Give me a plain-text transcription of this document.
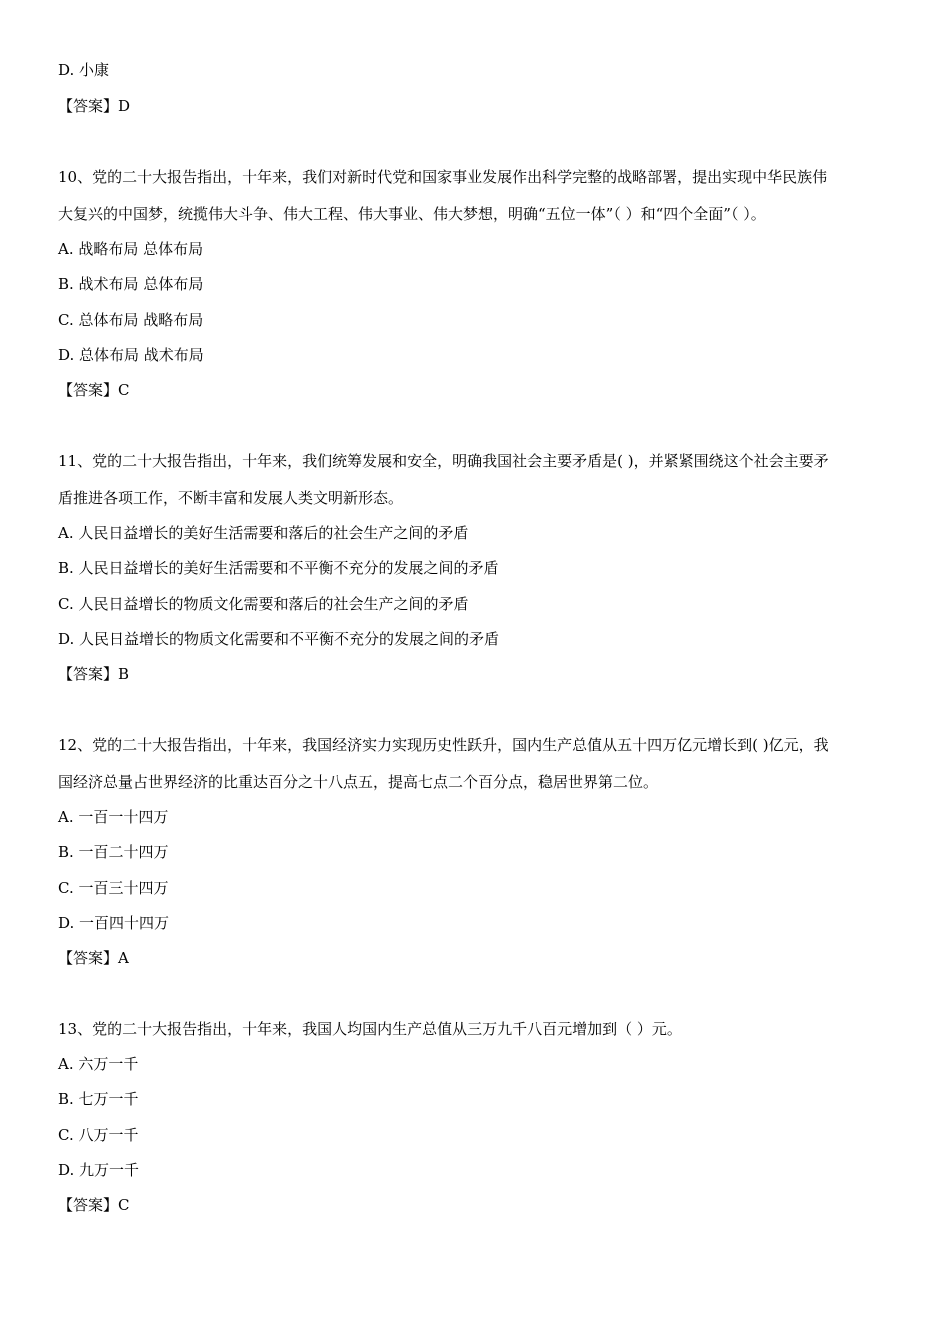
D. 小康
【答案】D
10、党的二十大报告指出，十年来，我们对新时代党和国家事业发展作出科学完整的战略部署，提出实现中华民族伟
大复兴的中国梦，统揽伟大斗争、伟大工程、伟大事业、伟大梦想，明确“五位一体”（ ）和“四个全面”（ ）。
A. 战略布局 总体布局
B. 战术布局 总体布局
C. 总体布局 战略布局
D. 总体布局 战术布局
【答案】C
11、党的二十大报告指出，十年来，我们统筹发展和安全，明确我国社会主要矛盾是( )，并紧紧围绕这个社会主要矛
盾推进各项工作，不断丰富和发展人类文明新形态。
A. 人民日益增长的美好生活需要和落后的社会生产之间的矛盾
B. 人民日益增长的美好生活需要和不平衡不充分的发展之间的矛盾
C. 人民日益增长的物质文化需要和落后的社会生产之间的矛盾
D. 人民日益增长的物质文化需要和不平衡不充分的发展之间的矛盾
【答案】B
12、党的二十大报告指出，十年来，我国经济实力实现历史性跃升，国内生产总值从五十四万亿元增长到( )亿元，我
国经济总量占世界经济的比重达百分之十八点五，提高七点二个百分点，稳居世界第二位。
A. 一百一十四万
B. 一百二十四万
C. 一百三十四万
D. 一百四十四万
【答案】A
13、党的二十大报告指出，十年来，我国人均国内生产总值从三万九千八百元增加到（ ）元。
A. 六万一千
B. 七万一千
C. 八万一千
D. 九万一千
【答案】C
